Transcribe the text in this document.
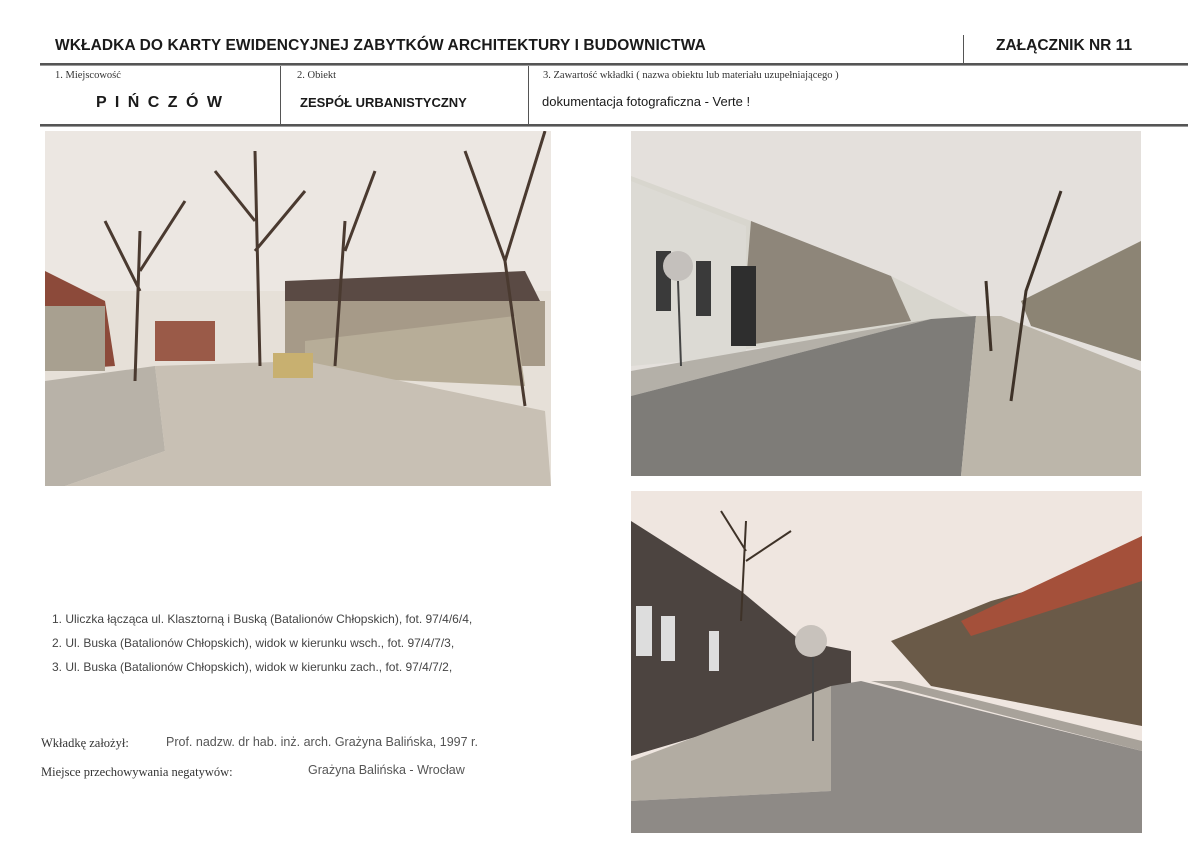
WKŁADKA DO KARTY EWIDENCYJNEJ ZABYTKÓW ARCHITEKTURY I BUDOWNICTWA	ZAŁĄCZNIK NR 11
1. Miejscowość
P I Ń C Z Ó W
2. Obiekt
ZESPÓŁ URBANISTYCZNY
3. Zawartość wkładki ( nazwa obiektu lub materiału uzupełniającego )
dokumentacja fotograficzna - Verte !
1. Uliczka łącząca ul. Klasztorną i Buską (Batalionów Chłopskich), fot. 97/4/6/4,
2. Ul. Buska (Batalionów Chłopskich), widok w kierunku wsch., fot. 97/4/7/3,
3. Ul. Buska (Batalionów Chłopskich), widok w kierunku zach., fot. 97/4/7/2,
Wkładkę założył:	Prof. nadzw. dr hab. inż. arch. Grażyna Balińska, 1997 r.
Miejsce przechowywania negatywów:	Grażyna Balińska - Wrocław
